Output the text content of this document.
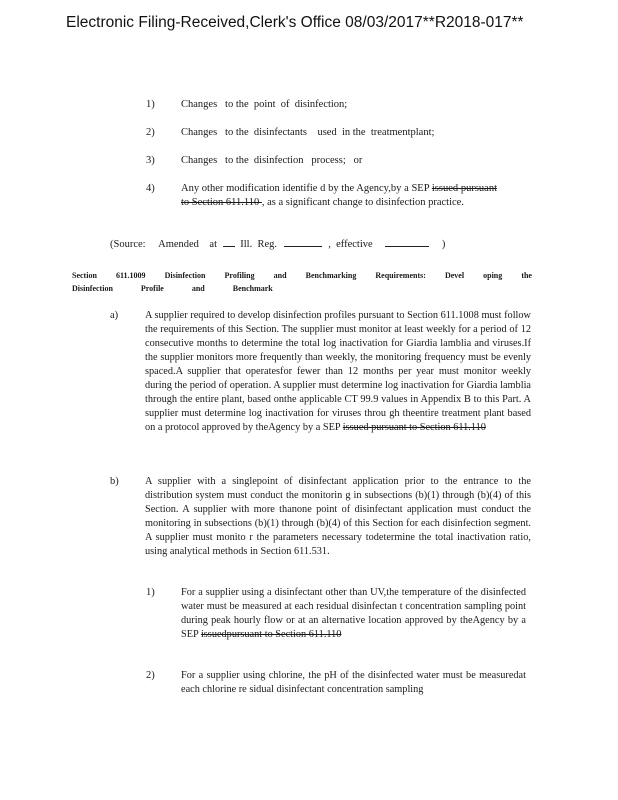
Electronic Filing-Received,Clerk's Office 08/03/2017**R2018-017**
1)	Changes   to the  point  of  disinfection;
2)	Changes   to the  disinfectants    used  in the  treatmentplant;
3)	Changes   to the  disinfection   process;   or
4)	Any other modification identifie d by the Agency,by a SEP issued pursuant to Section 611.110 , as a significant change to disinfection practice.
(Source:     Amended    at Ill.  Reg.	,  effective	)
Section 611.1009 Disinfection Profiling and Benchmarking Requirements: Devel oping the
Disinfection	Profile	and	Benchmark
a)	A supplier required to develop disinfection profiles pursuant to Section 611.1008 must follow the requirements of this Section. The supplier must monitor at least weekly for a period of 12 consecutive months to determine the total log inactivation for Giardia lamblia and viruses.If the supplier monitors more frequently than weekly, the monitoring frequency must be evenly spaced.A supplier that operatesfor fewer than 12 months per year must monitor weekly during the period of operation. A supplier must determine log inactivation for Giardia lamblia through the entire plant, based onthe applicable CT 99.9 values in Appendix B to this Part. A supplier must determine log inactivation for viruses throu gh theentire treatment plant based on a protocol approved by theAgency by a SEP issued pursuant to Section 611.110
b)	A supplier with a singlepoint of disinfectant application prior to the entrance to the distribution system must conduct the monitorin g in subsections (b)(1) through (b)(4) of this Section. A supplier with more thanone point of disinfectant application must conduct the monitoring in subsections (b)(1) through (b)(4) of this Section for each disinfection segment. A supplier must monito r the parameters necessary todetermine the total inactivation ratio, using analytical methods in Section 611.531.
1)	For a supplier using a disinfectant other than UV,the temperature of the disinfected water must be measured at each residual disinfectan t concentration sampling point during peak hourly flow or at an alternative location approved by theAgency by a SEP issuedpursuant to Section 611.110
2)	For a supplier using chlorine, the pH of the disinfected water must be measuredat each chlorine re sidual disinfectant concentration sampling
